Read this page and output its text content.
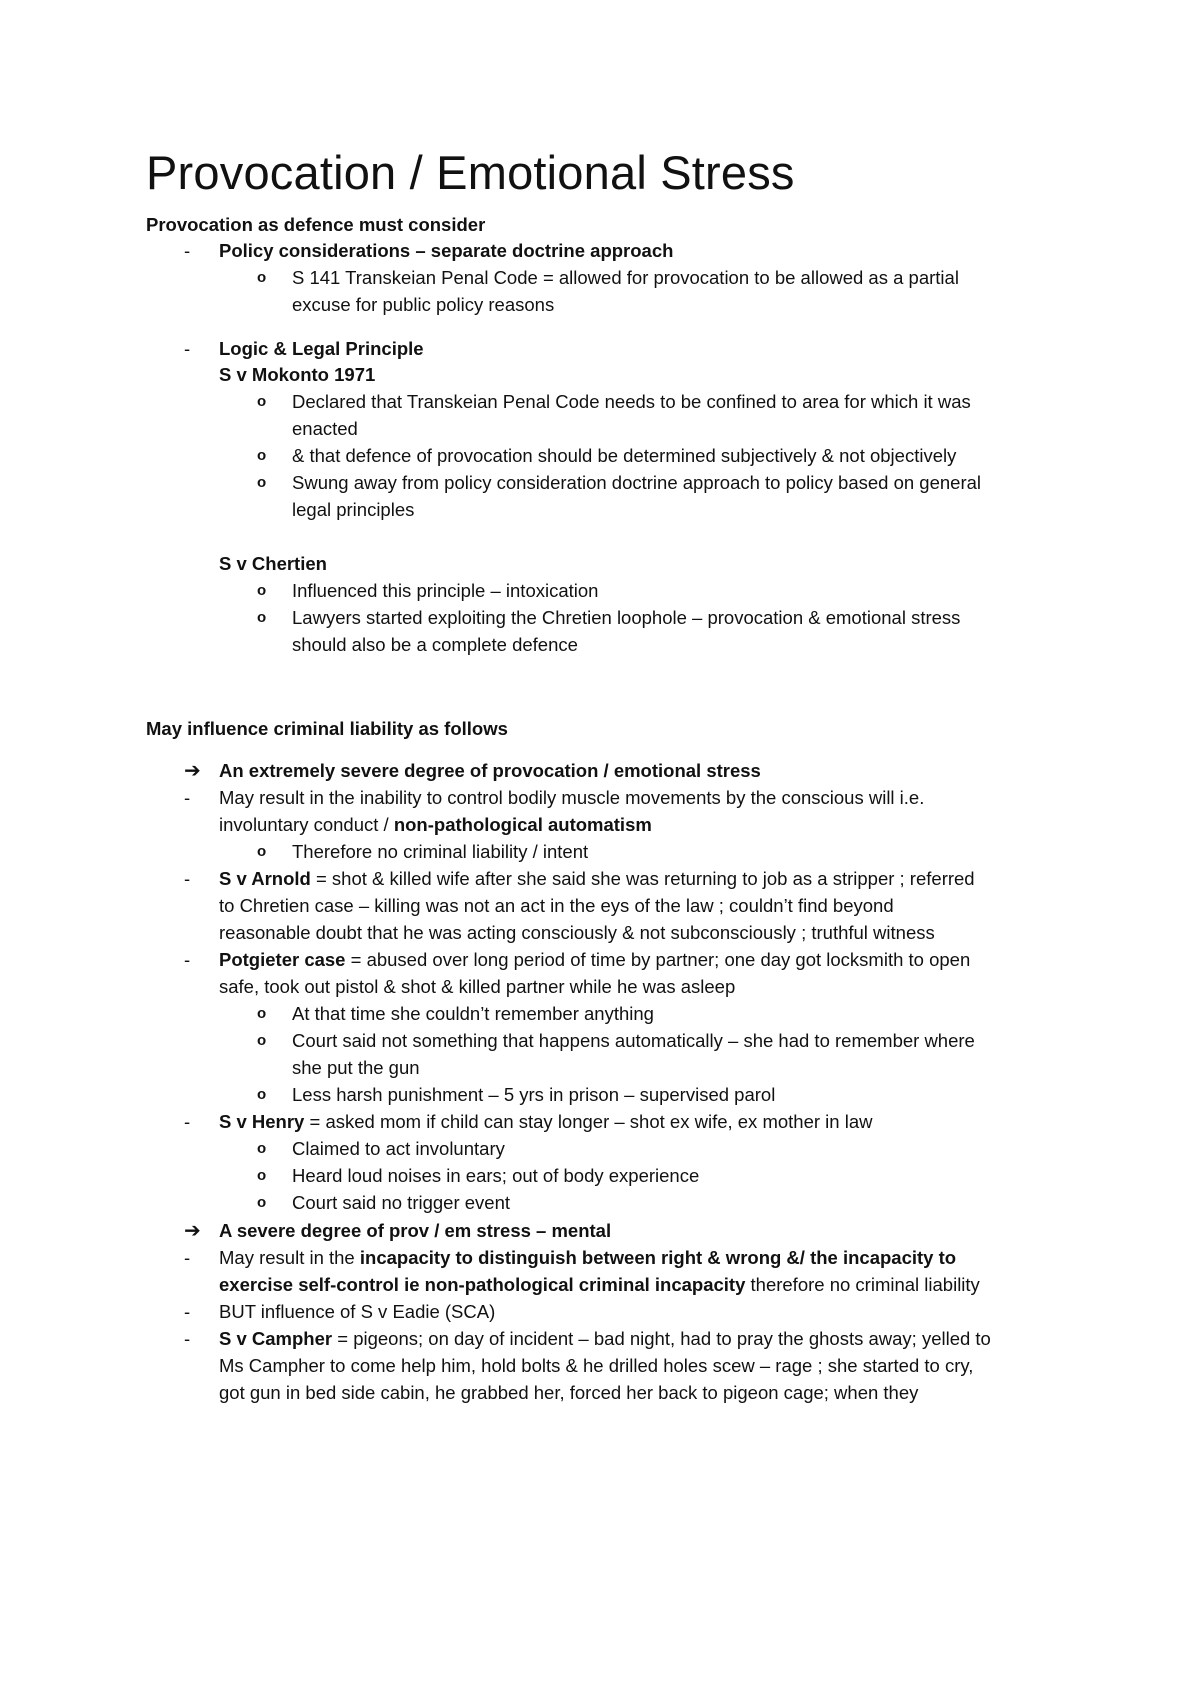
Provocation / Emotional Stress
Provocation as defence must consider
- Policy considerations – separate doctrine approach
o S 141 Transkeian Penal Code = allowed for provocation to be allowed as a partial
excuse for public policy reasons
- Logic & Legal Principle
S v Mokonto 1971
o Declared that Transkeian Penal Code needs to be confined to area for which it was
enacted
o & that defence of provocation should be determined subjectively & not objectively
o Swung away from policy consideration doctrine approach to policy based on general
legal principles
S v Chertien
o Influenced this principle – intoxication
o Lawyers started exploiting the Chretien loophole – provocation & emotional stress
should also be a complete defence
May influence criminal liability as follows
➔ An extremely severe degree of provocation / emotional stress
- May result in the inability to control bodily muscle movements by the conscious will i.e.
involuntary conduct / non-pathological automatism
o Therefore no criminal liability / intent
- S v Arnold = shot & killed wife after she said she was returning to job as a stripper ; referred
to Chretien case – killing was not an act in the eys of the law ; couldn’t find beyond
reasonable doubt that he was acting consciously & not subconsciously ; truthful witness
- Potgieter case = abused over long period of time by partner; one day got locksmith to open
safe, took out pistol & shot & killed partner while he was asleep
o At that time she couldn’t remember anything
o Court said not something that happens automatically – she had to remember where
she put the gun
o Less harsh punishment – 5 yrs in prison – supervised parol
- S v Henry = asked mom if child can stay longer – shot ex wife, ex mother in law
o Claimed to act involuntary
o Heard loud noises in ears; out of body experience
o Court said no trigger event
➔ A severe degree of prov / em stress – mental
- May result in the incapacity to distinguish between right & wrong &/ the incapacity to
exercise self-control ie non-pathological criminal incapacity therefore no criminal liability
- BUT influence of S v Eadie (SCA)
- S v Campher = pigeons; on day of incident – bad night, had to pray the ghosts away; yelled to
Ms Campher to come help him, hold bolts & he drilled holes scew – rage ; she started to cry,
got gun in bed side cabin, he grabbed her, forced her back to pigeon cage; when they
